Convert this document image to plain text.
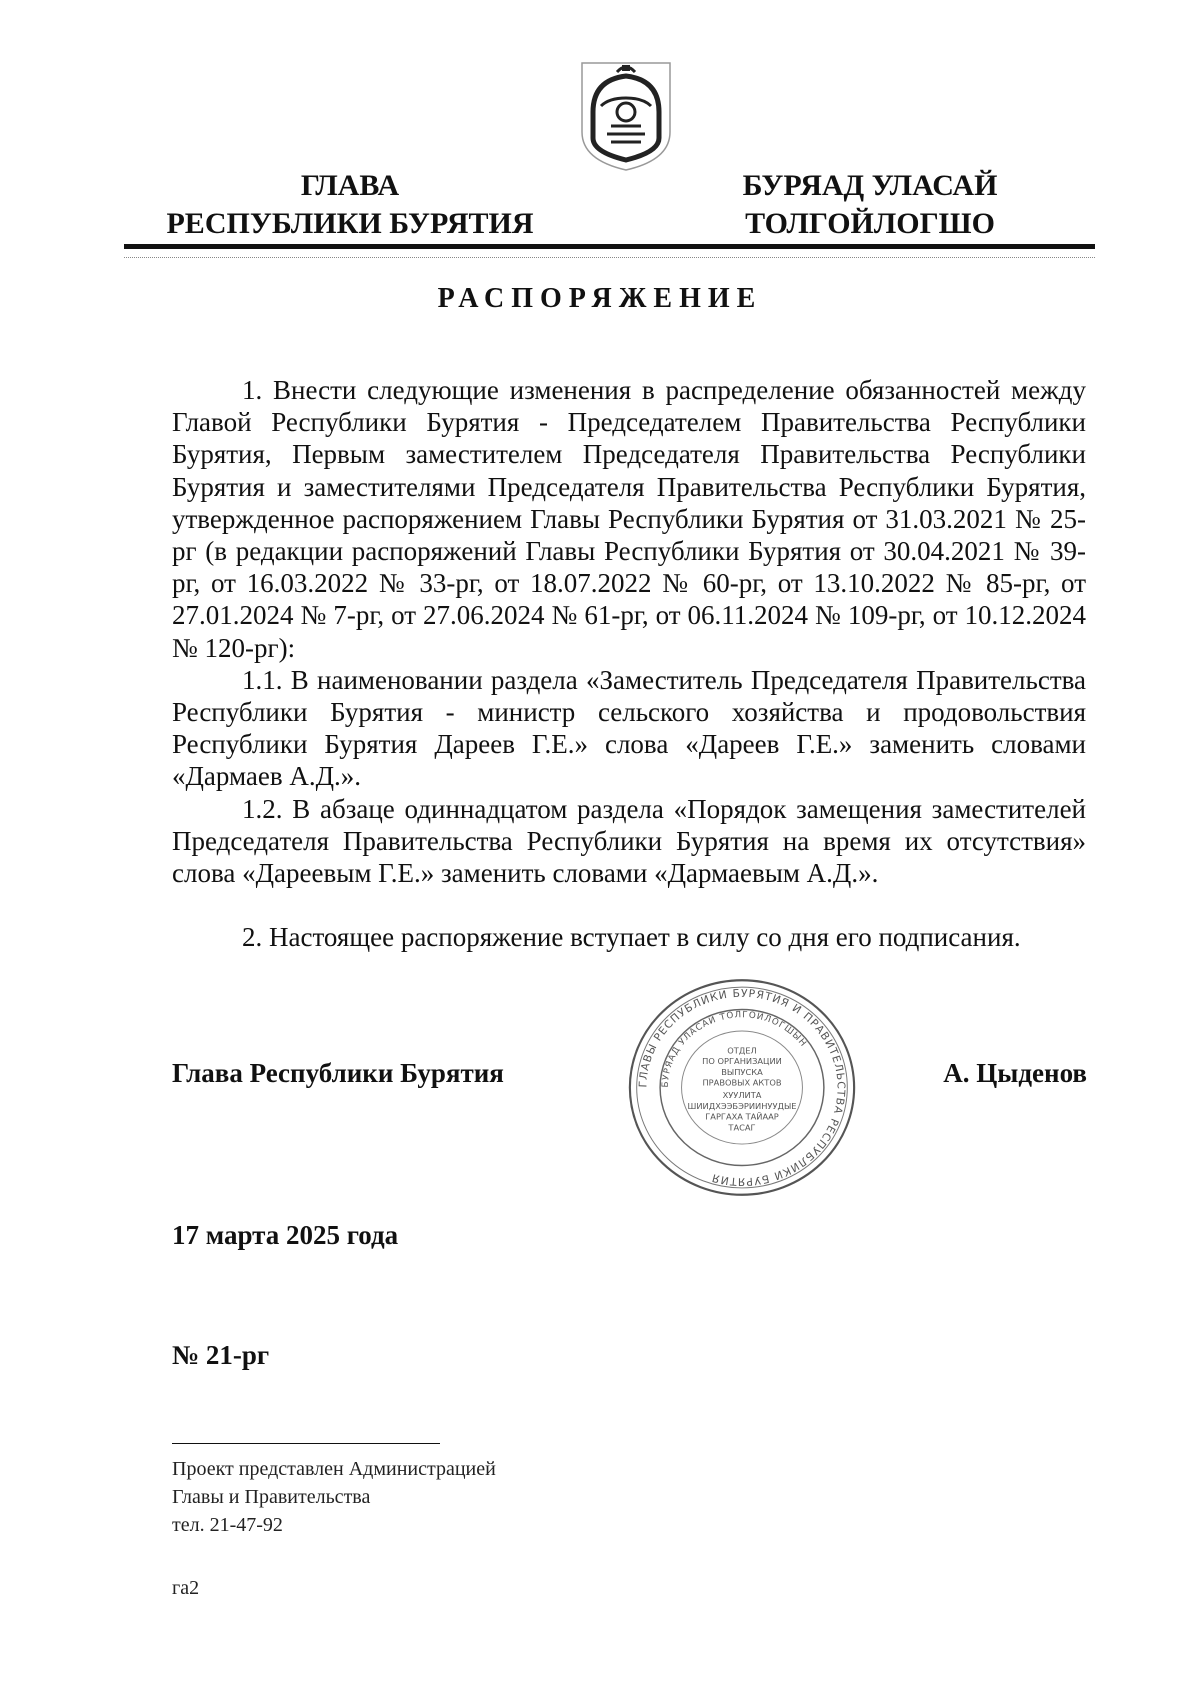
ГЛАВА
РЕСПУБЛИКИ БУРЯТИЯ
БУРЯАД УЛАСАЙ
ТОЛГОЙЛОГШО
РАСПОРЯЖЕНИЕ

1. Внести следующие изменения в распределение обязанностей между Главой Республики Бурятия - Председателем Правительства Республики Бурятия, Первым заместителем Председателя Правительства Республики Бурятия и заместителями Председателя Правительства Республики Бурятия, утвержденное распоряжением Главы Республики Бурятия от 31.03.2021 № 25-рг (в редакции распоряжений Главы Республики Бурятия от 30.04.2021 № 39-рг, от 16.03.2022 № 33-рг, от 18.07.2022 № 60-рг, от 13.10.2022 № 85-рг, от 27.01.2024 № 7-рг, от 27.06.2024 № 61-рг, от 06.11.2024 № 109-рг, от 10.12.2024 № 120-рг):

1.1. В наименовании раздела «Заместитель Председателя Правительства Республики Бурятия - министр сельского хозяйства и продовольствия Республики Бурятия Дареев Г.Е.» слова «Дареев Г.Е.» заменить словами «Дармаев А.Д.».

1.2. В абзаце одиннадцатом раздела «Порядок замещения заместителей Председателя Правительства Республики Бурятия на время их отсутствия» слова «Дареевым Г.Е.» заменить словами «Дармаевым А.Д.».

2. Настоящее распоряжение вступает в силу со дня его подписания.

Глава Республики Бурятия	А. Цыденов
ГЛАВЫ РЕСПУБЛИКИ БУРЯТИЯ И ПРАВИТЕЛЬСТВА РЕСПУБЛИКИ БУРЯТИЯ
БУРЯАД УЛАСАЙ ТОЛГОЙЛОГШЫН
ОТДЕЛ
ПО ОРГАНИЗАЦИИ
ВЫПУСКА
ПРАВОВЫХ АКТОВ
ХУУЛИТА
ШИИДХЭЭБЭРИИНУУДЫЕ
ГАРГАХА ТАЙААР
ТАСАГ
17 марта 2025 года
№ 21-рг
Проект представлен Администрацией
Главы и Правительства
тел. 21-47-92
га2
